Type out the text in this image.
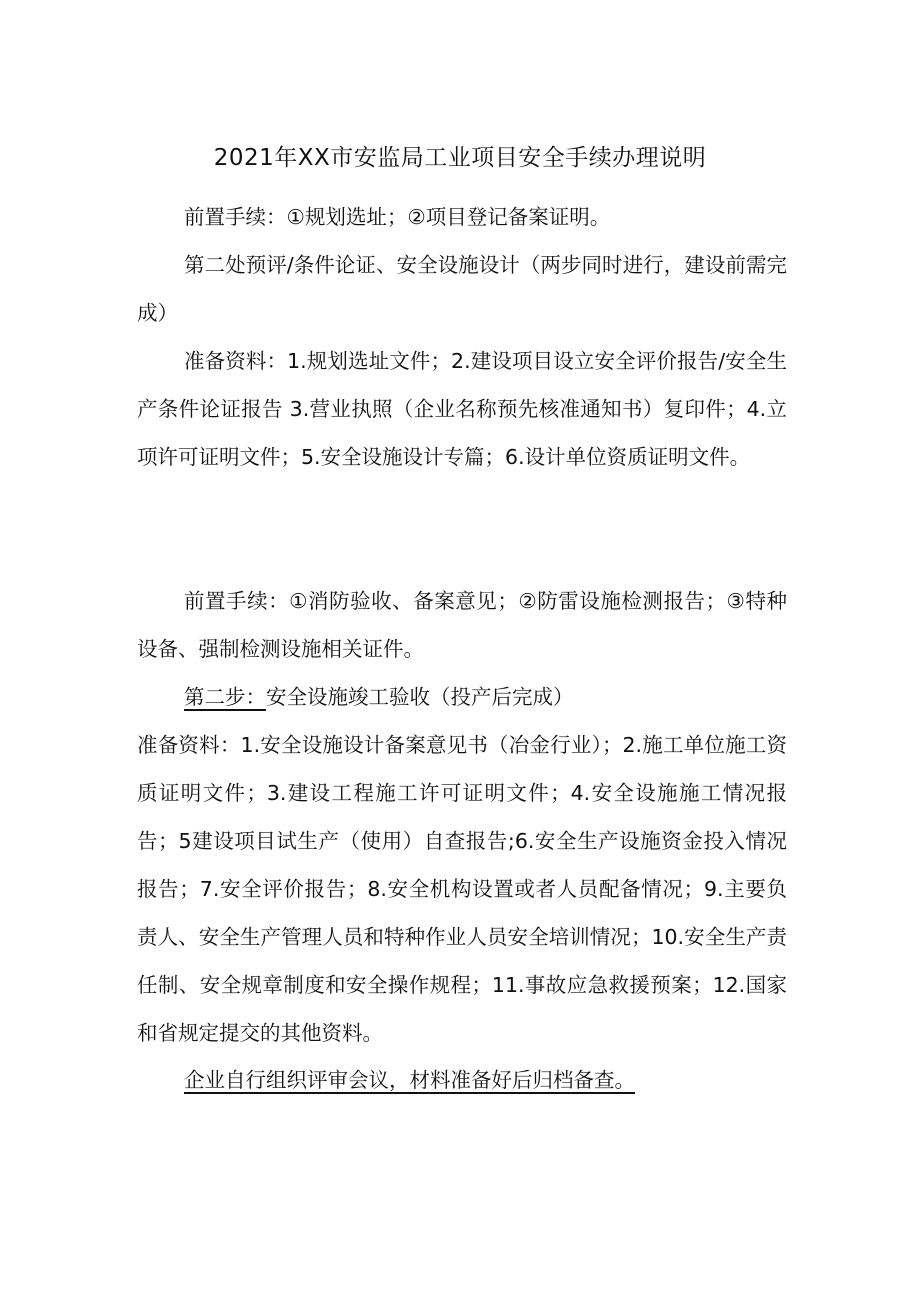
2021年XX市安监局工业项目安全手续办理说明

前置手续：①规划选址；②项目登记备案证明。

第二处预评/条件论证、安全设施设计（两步同时进行，建设前需完成）

准备资料：1.规划选址文件；2.建设项目设立安全评价报告/安全生产条件论证报告 3.营业执照（企业名称预先核准通知书）复印件；4.立项许可证明文件；5.安全设施设计专篇；6.设计单位资质证明文件。

前置手续：①消防验收、备案意见；②防雷设施检测报告；③特种设备、强制检测设施相关证件。

第二步：安全设施竣工验收（投产后完成）

准备资料：1.安全设施设计备案意见书（冶金行业）；2.施工单位施工资质证明文件；3.建设工程施工许可证明文件；4.安全设施施工情况报告；5建设项目试生产（使用）自查报告;6.安全生产设施资金投入情况报告；7.安全评价报告；8.安全机构设置或者人员配备情况；9.主要负责人、安全生产管理人员和特种作业人员安全培训情况；10.安全生产责任制、安全规章制度和安全操作规程；11.事故应急救援预案；12.国家和省规定提交的其他资料。

企业自行组织评审会议，材料准备好后归档备查。
